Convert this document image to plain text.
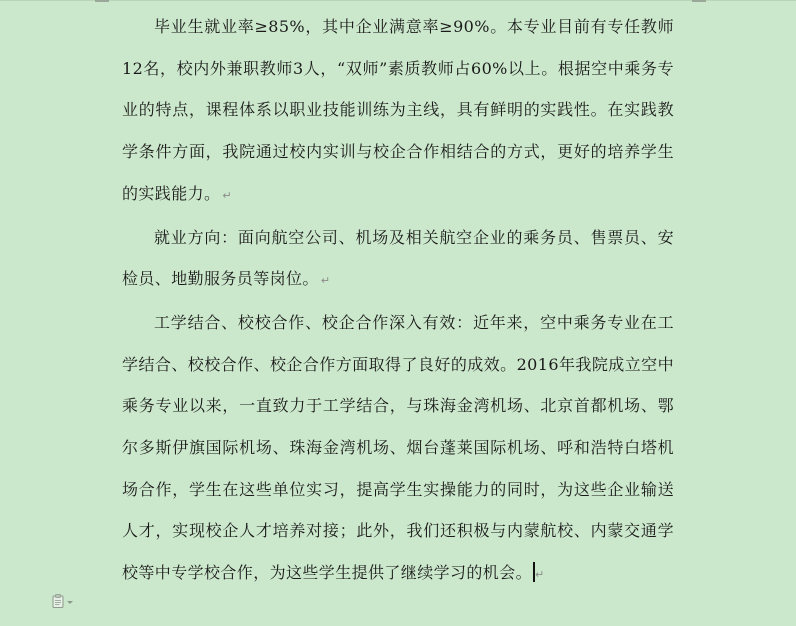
毕业生就业率≥85%，其中企业满意率≥90%。本专业目前有专任教师12名，校内外兼职教师3人，“双师”素质教师占60%以上。根据空中乘务专业的特点，课程体系以职业技能训练为主线，具有鲜明的实践性。在实践教学条件方面，我院通过校内实训与校企合作相结合的方式，更好的培养学生的实践能力。 ↵

就业方向：面向航空公司、机场及相关航空企业的乘务员、售票员、安检员、地勤服务员等岗位。 ↵

工学结合、校校合作、校企合作深入有效：近年来，空中乘务专业在工学结合、校校合作、校企合作方面取得了良好的成效。2016年我院成立空中乘务专业以来，一直致力于工学结合，与珠海金湾机场、北京首都机场、鄂尔多斯伊旗国际机场、珠海金湾机场、烟台蓬莱国际机场、呼和浩特白塔机场合作，学生在这些单位实习，提高学生实操能力的同时，为这些企业输送人才，实现校企人才培养对接；此外，我们还积极与内蒙航校、内蒙交通学校等中专学校合作，为这些学生提供了继续学习的机会。 ↵
